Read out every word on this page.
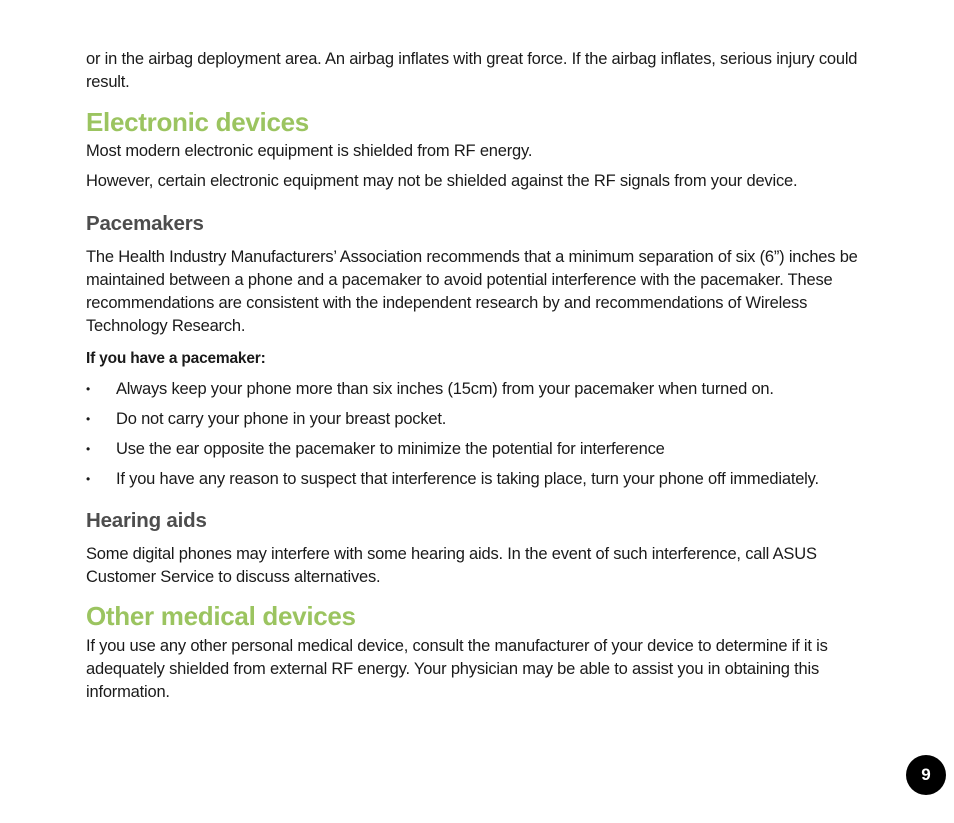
or in the airbag deployment area. An airbag inflates with great force. If the airbag inflates, serious injury could result.

Electronic devices

Most modern electronic equipment is shielded from RF energy.

However, certain electronic equipment may not be shielded against the RF signals from your device.

Pacemakers

The Health Industry Manufacturers’ Association recommends that a minimum separation of six (6”) inches be maintained between a phone and a pacemaker to avoid potential interference with the pacemaker. These recommendations are consistent with the independent research by and recommendations of Wireless Technology Research.

If you have a pacemaker:

• Always keep your phone more than six inches (15cm) from your pacemaker when turned on.
• Do not carry your phone in your breast pocket.
• Use the ear opposite the pacemaker to minimize the potential for interference
• If you have any reason to suspect that interference is taking place, turn your phone off immediately.
Hearing aids

Some digital phones may interfere with some hearing aids. In the event of such interference, call ASUS Customer Service to discuss alternatives.

Other medical devices

If you use any other personal medical device, consult the manufacturer of your device to determine if it is adequately shielded from external RF energy. Your physician may be able to assist you in obtaining this information.

9
